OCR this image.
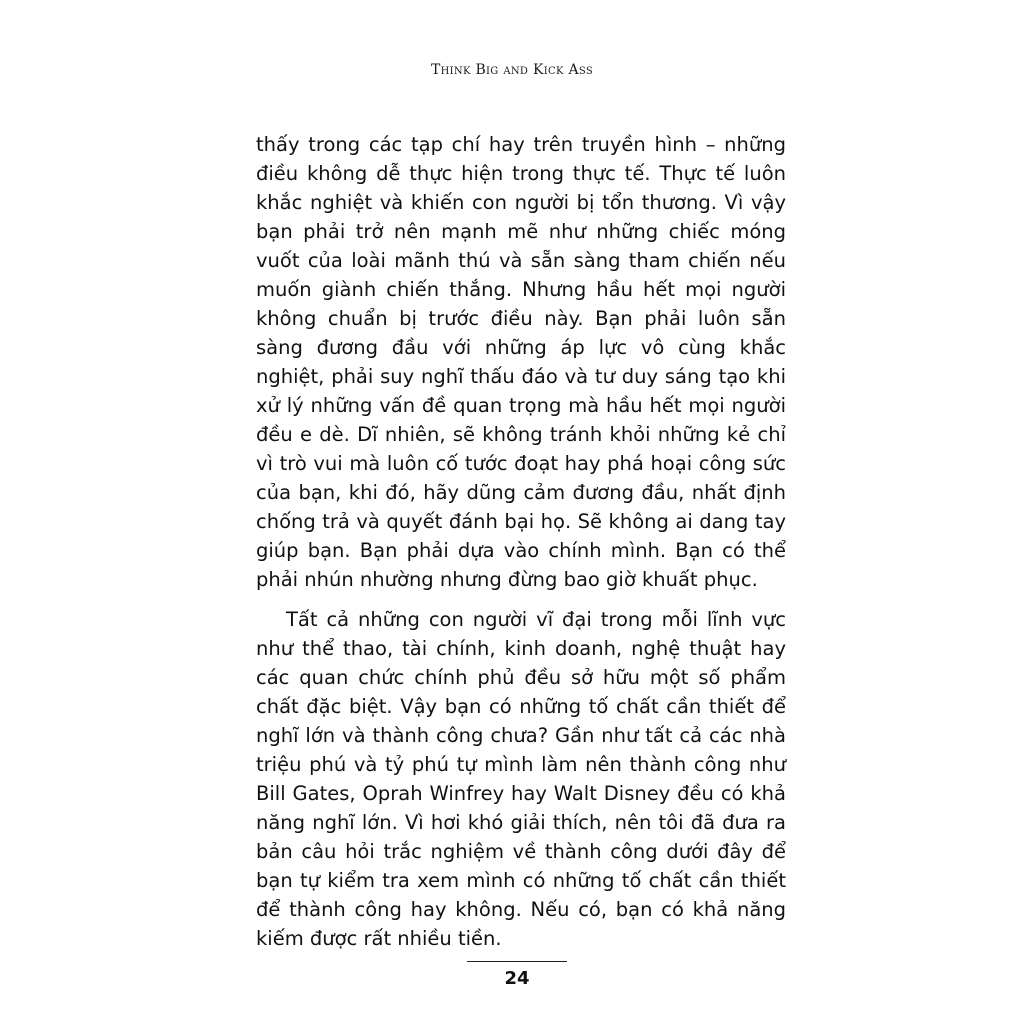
Think Big and Kick Ass

thấy trong các tạp chí hay trên truyền hình – những điều không dễ thực hiện trong thực tế. Thực tế luôn khắc nghiệt và khiến con người bị tổn thương. Vì vậy bạn phải trở nên mạnh mẽ như những chiếc móng vuốt của loài mãnh thú và sẵn sàng tham chiến nếu muốn giành chiến thắng. Nhưng hầu hết mọi người không chuẩn bị trước điều này. Bạn phải luôn sẵn sàng đương đầu với những áp lực vô cùng khắc nghiệt, phải suy nghĩ thấu đáo và tư duy sáng tạo khi xử lý những vấn đề quan trọng mà hầu hết mọi người đều e dè. Dĩ nhiên, sẽ không tránh khỏi những kẻ chỉ vì trò vui mà luôn cố tước đoạt hay phá hoại công sức của bạn, khi đó, hãy dũng cảm đương đầu, nhất định chống trả và quyết đánh bại họ. Sẽ không ai dang tay giúp bạn. Bạn phải dựa vào chính mình. Bạn có thể phải nhún nhường nhưng đừng bao giờ khuất phục.

Tất cả những con người vĩ đại trong mỗi lĩnh vực như thể thao, tài chính, kinh doanh, nghệ thuật hay các quan chức chính phủ đều sở hữu một số phẩm chất đặc biệt. Vậy bạn có những tố chất cần thiết để nghĩ lớn và thành công chưa? Gần như tất cả các nhà triệu phú và tỷ phú tự mình làm nên thành công như Bill Gates, Oprah Winfrey hay Walt Disney đều có khả năng nghĩ lớn. Vì hơi khó giải thích, nên tôi đã đưa ra bản câu hỏi trắc nghiệm về thành công dưới đây để bạn tự kiểm tra xem mình có những tố chất cần thiết để thành công hay không. Nếu có, bạn có khả năng kiếm được rất nhiều tiền.

24
